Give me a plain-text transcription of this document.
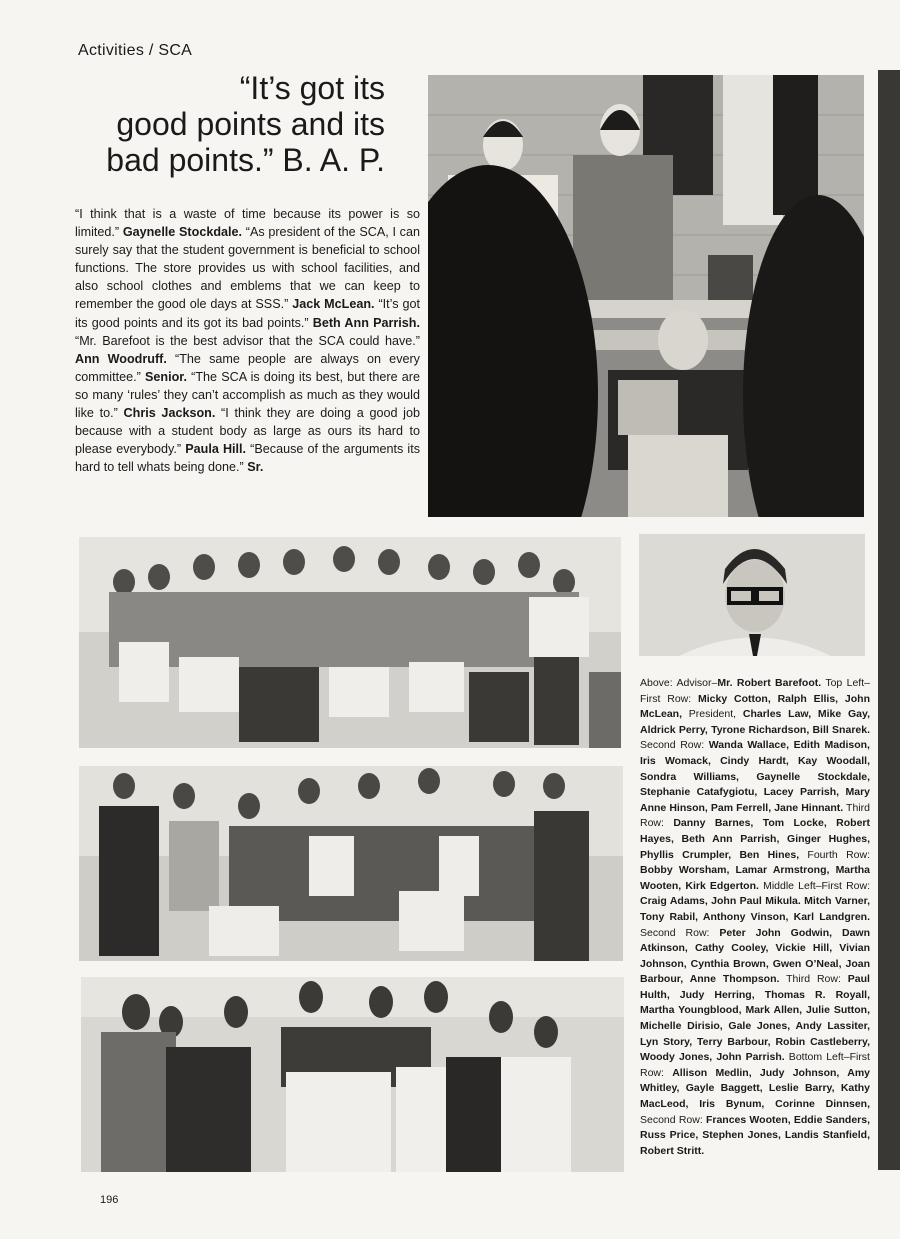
Activities / SCA
“It’s got its
good points and its
bad points.” B. A. P.
“I think that is a waste of time because its power is so limited.” Gaynelle Stockdale. “As president of the SCA, I can surely say that the student government is beneficial to school functions. The store provides us with school facilities, and also school clothes and emblems that we can keep to remember the good ole days at SSS.” Jack McLean. “It’s got its good points and its got its bad points.” Beth Ann Parrish. “Mr. Barefoot is the best advisor that the SCA could have.” Ann Woodruff. “The same people are always on every committee.” Senior. “The SCA is doing its best, but there are so many ‘rules’ they can’t accomplish as much as they would like to.” Chris Jackson. “I think they are doing a good job because with a student body as large as ours its hard to please everybody.” Paula Hill. “Because of the arguments its hard to tell whats being done.” Sr.
Above: Advisor–Mr. Robert Barefoot. Top Left–First Row: Micky Cotton, Ralph Ellis, John McLean, President, Charles Law, Mike Gay, Aldrick Perry, Tyrone Richardson, Bill Snarek. Second Row: Wanda Wallace, Edith Madison, Iris Womack, Cindy Hardt, Kay Woodall, Sondra Williams, Gaynelle Stockdale, Stephanie Catafygiotu, Lacey Parrish, Mary Anne Hinson, Pam Ferrell, Jane Hinnant. Third Row: Danny Barnes, Tom Locke, Robert Hayes, Beth Ann Parrish, Ginger Hughes, Phyllis Crumpler, Ben Hines, Fourth Row: Bobby Worsham, Lamar Armstrong, Martha Wooten, Kirk Edgerton. Middle Left–First Row: Craig Adams, John Paul Mikula. Mitch Varner, Tony Rabil, Anthony Vinson, Karl Landgren. Second Row: Peter John Godwin, Dawn Atkinson, Cathy Cooley, Vickie Hill, Vivian Johnson, Cynthia Brown, Gwen O’Neal, Joan Barbour, Anne Thompson. Third Row: Paul Hulth, Judy Herring, Thomas R. Royall, Martha Youngblood, Mark Allen, Julie Sutton, Michelle Dirisio, Gale Jones, Andy Lassiter, Lyn Story, Terry Barbour, Robin Castleberry, Woody Jones, John Parrish. Bottom Left–First Row: Allison Medlin, Judy Johnson, Amy Whitley, Gayle Baggett, Leslie Barry, Kathy MacLeod, Iris Bynum, Corinne Dinnsen, Second Row: Frances Wooten, Eddie Sanders, Russ Price, Stephen Jones, Landis Stanfield, Robert Stritt.
196
